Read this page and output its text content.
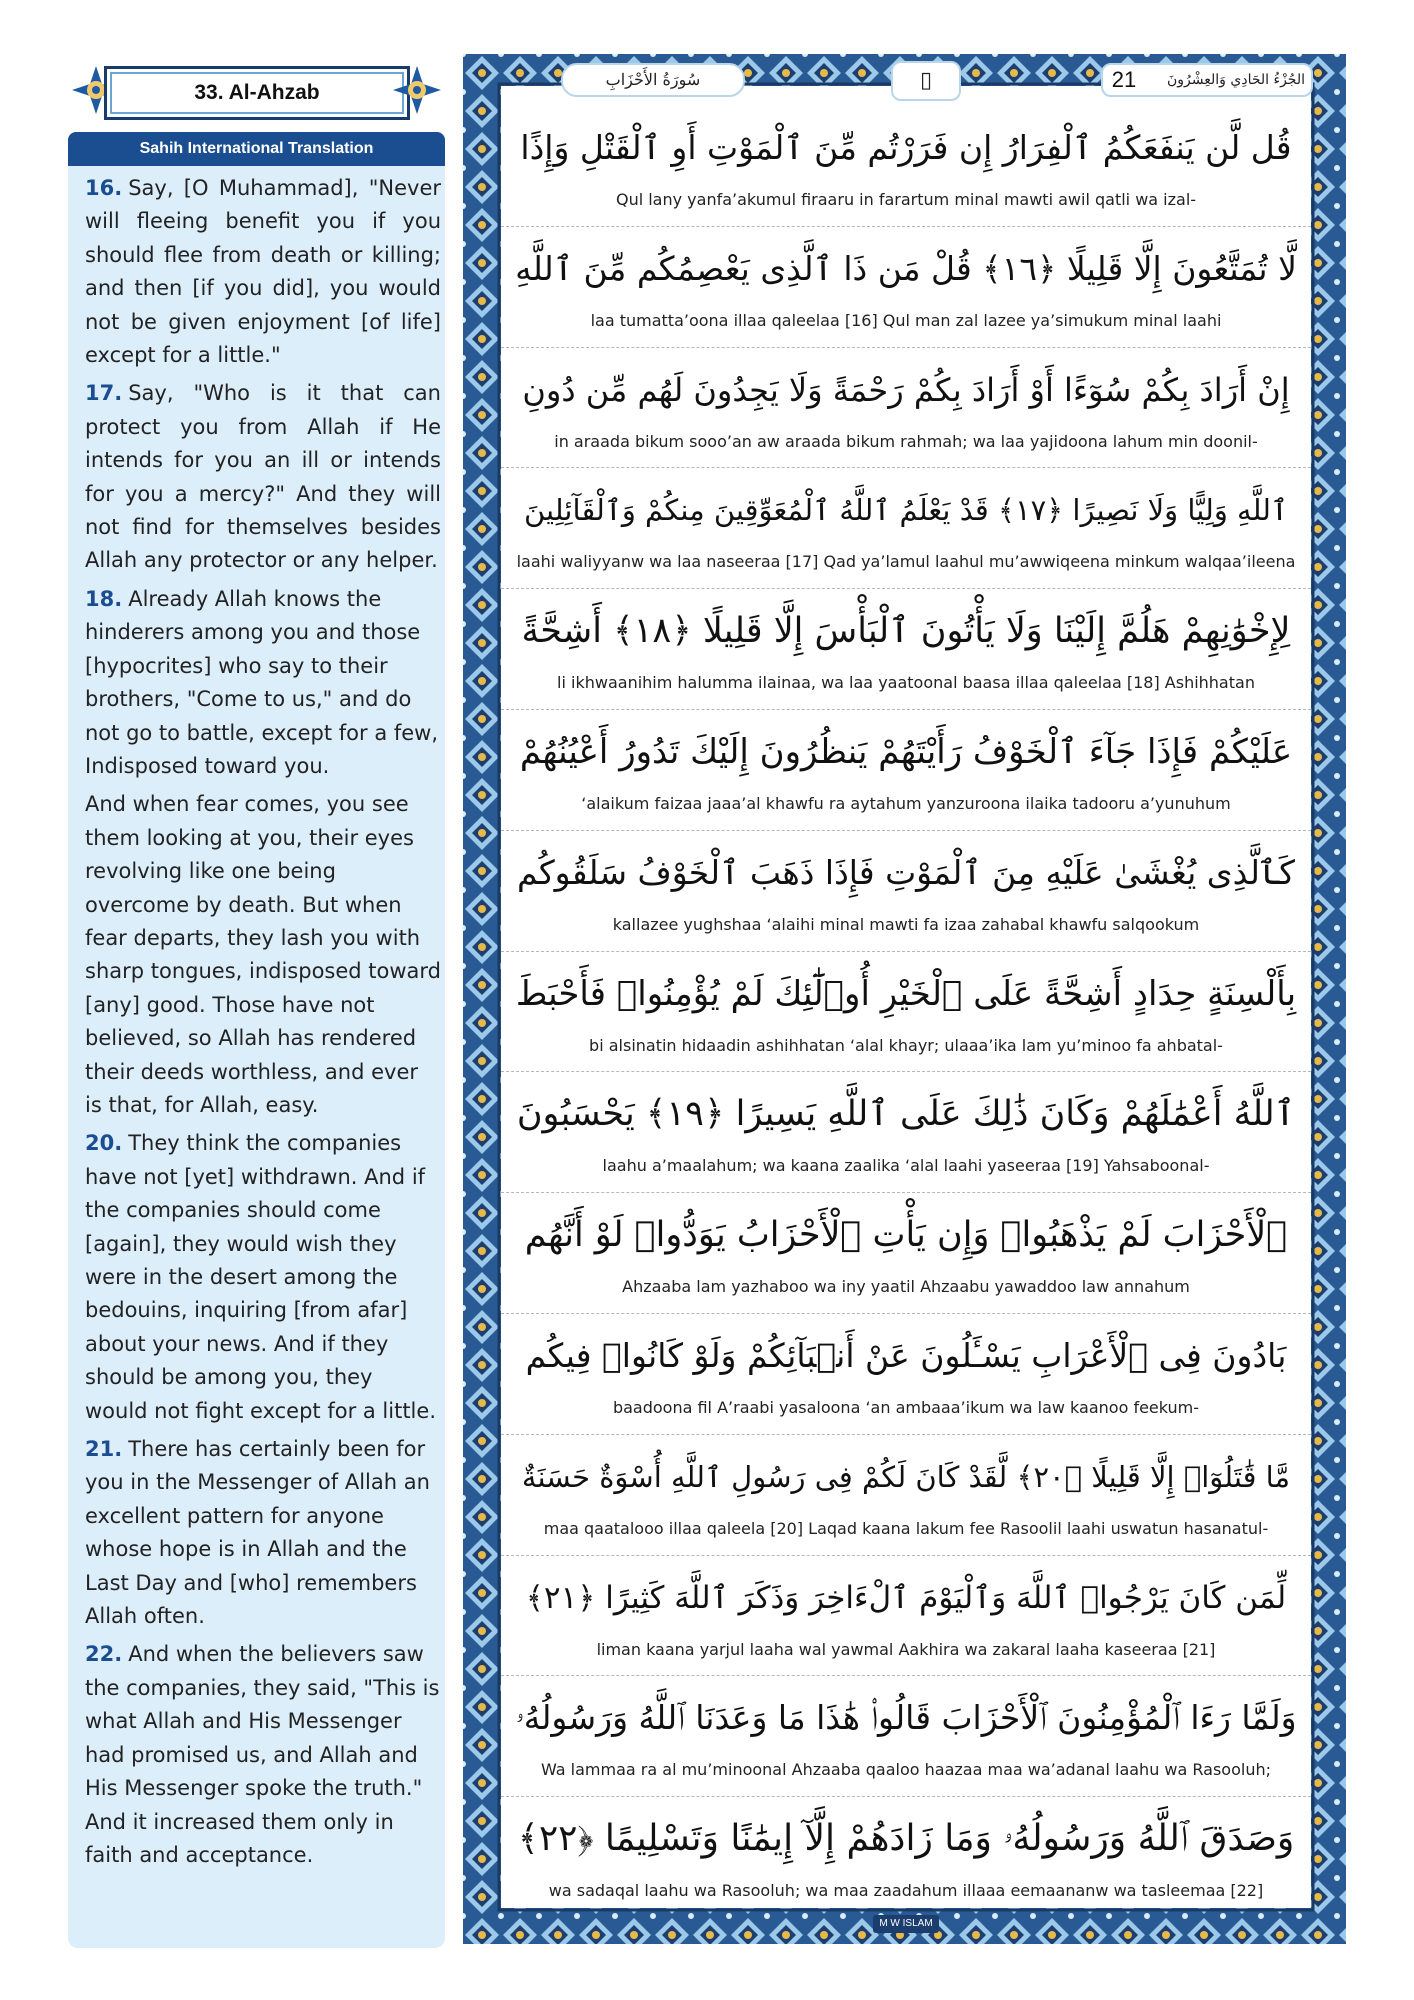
33. Al-Ahzab
Sahih International Translation

16. Say, [O Muhammad], "Never will fleeing benefit you if you should flee from death or killing; and then [if you did], you would not be given enjoyment [of life] except for a little."

17. Say, "Who is it that can protect you from Allah if He intends for you an ill or intends for you a mercy?" And they will not find for themselves besides Allah any protector or any helper.

18. Already Allah knows the hinderers among you and those [hypocrites] who say to their brothers, "Come to us," and do not go to battle, except for a few, Indisposed toward you.

And when fear comes, you see them looking at you, their eyes revolving like one being overcome by death. But when fear departs, they lash you with sharp tongues, indisposed toward [any] good. Those have not believed, so Allah has rendered their deeds worthless, and ever is that, for Allah, easy.

20. They think the companies have not [yet] withdrawn. And if the companies should come [again], they would wish they were in the desert among the bedouins, inquiring [from afar] about your news. And if they should be among you, they would not fight except for a little.

21. There has certainly been for you in the Messenger of Allah an excellent pattern for anyone whose hope is in Allah and the Last Day and [who] remembers Allah often.

22. And when the believers saw the companies, they said, "This is what Allah and His Messenger had promised us, and Allah and His Messenger spoke the truth." And it increased them only in faith and acceptance.

سُورَةُ الأَحْزَابِ	▯	21	الجُزْءُ الحَادِي وَالعِشْرُونَ
قُل لَّن يَنفَعَكُمُ ٱلْفِرَارُ إِن فَرَرْتُم مِّنَ ٱلْمَوْتِ أَوِ ٱلْقَتْلِ وَإِذًا
Qul lany yanfa’akumul firaaru in farartum minal mawti awil qatli wa izal-
لَّا تُمَتَّعُونَ إِلَّا قَلِيلًا ﴿١٦﴾ قُلْ مَن ذَا ٱلَّذِى يَعْصِمُكُم مِّنَ ٱللَّهِ
laa tumatta’oona illaa qaleelaa [16] Qul man zal lazee ya’simukum minal laahi
إِنْ أَرَادَ بِكُمْ سُوٓءًا أَوْ أَرَادَ بِكُمْ رَحْمَةً وَلَا يَجِدُونَ لَهُم مِّن دُونِ
in araada bikum sooo’an aw araada bikum rahmah; wa laa yajidoona lahum min doonil-
ٱللَّهِ وَلِيًّا وَلَا نَصِيرًا ﴿١٧﴾ قَدْ يَعْلَمُ ٱللَّهُ ٱلْمُعَوِّقِينَ مِنكُمْ وَٱلْقَآئِلِينَ
laahi waliyyanw wa laa naseeraa [17] Qad ya’lamul laahul mu’awwiqeena minkum walqaa’ileena
لِإِخْوَٰنِهِمْ هَلُمَّ إِلَيْنَا وَلَا يَأْتُونَ ٱلْبَأْسَ إِلَّا قَلِيلًا ﴿١٨﴾ أَشِحَّةً
li ikhwaanihim halumma ilainaa, wa laa yaatoonal baasa illaa qaleelaa [18] Ashihhatan
عَلَيْكُمْ فَإِذَا جَآءَ ٱلْخَوْفُ رَأَيْتَهُمْ يَنظُرُونَ إِلَيْكَ تَدُورُ أَعْيُنُهُمْ
‘alaikum faizaa jaaa’al khawfu ra aytahum yanzuroona ilaika tadooru a’yunuhum
كَٱلَّذِى يُغْشَىٰ عَلَيْهِ مِنَ ٱلْمَوْتِ فَإِذَا ذَهَبَ ٱلْخَوْفُ سَلَقُوكُم
kallazee yughshaa ‘alaihi minal mawti fa izaa zahabal khawfu salqookum
بِأَلْسِنَةٍ حِدَادٍ أَشِحَّةً عَلَى ٱلْخَيْرِ أُو۟لَٰٓئِكَ لَمْ يُؤْمِنُوا۟ فَأَحْبَطَ
bi alsinatin hidaadin ashihhatan ‘alal khayr; ulaaa’ika lam yu’minoo fa ahbatal-
ٱللَّهُ أَعْمَٰلَهُمْ وَكَانَ ذَٰلِكَ عَلَى ٱللَّهِ يَسِيرًا ﴿١٩﴾ يَحْسَبُونَ
laahu a’maalahum; wa kaana zaalika ‘alal laahi yaseeraa [19] Yahsaboonal-
ٱلْأَحْزَابَ لَمْ يَذْهَبُوا۟ وَإِن يَأْتِ ٱلْأَحْزَابُ يَوَدُّوا۟ لَوْ أَنَّهُم
Ahzaaba lam yazhaboo wa iny yaatil Ahzaabu yawaddoo law annahum
بَادُونَ فِى ٱلْأَعْرَابِ يَسْـَٔلُونَ عَنْ أَنۢبَآئِكُمْ وَلَوْ كَانُوا۟ فِيكُم
baadoona fil A’raabi yasaloona ‘an ambaaa’ikum wa law kaanoo feekum-
مَّا قَٰتَلُوٓا۟ إِلَّا قَلِيلًا ﴿٢٠﴾ لَّقَدْ كَانَ لَكُمْ فِى رَسُولِ ٱللَّهِ أُسْوَةٌ حَسَنَةٌ
maa qaatalooo illaa qaleela [20] Laqad kaana lakum fee Rasoolil laahi uswatun hasanatul-
لِّمَن كَانَ يَرْجُوا۟ ٱللَّهَ وَٱلْيَوْمَ ٱلْءَاخِرَ وَذَكَرَ ٱللَّهَ كَثِيرًا ﴿٢١﴾
liman kaana yarjul laaha wal yawmal Aakhira wa zakaral laaha kaseeraa [21]
وَلَمَّا رَءَا ٱلْمُؤْمِنُونَ ٱلْأَحْزَابَ قَالُوا۟ هَٰذَا مَا وَعَدَنَا ٱللَّهُ وَرَسُولُهُۥ
Wa lammaa ra al mu’minoonal Ahzaaba qaaloo haazaa maa wa’adanal laahu wa Rasooluh;
وَصَدَقَ ٱللَّهُ وَرَسُولُهُۥ وَمَا زَادَهُمْ إِلَّآ إِيمَٰنًا وَتَسْلِيمًا ﴿٢٢﴾
wa sadaqal laahu wa Rasooluh; wa maa zaadahum illaaa eemaananw wa tasleemaa [22]
M W ISLAM
